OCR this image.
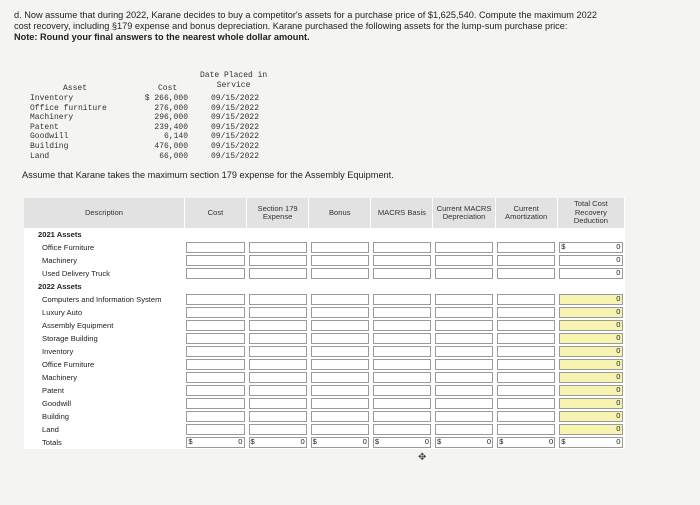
d. Now assume that during 2022, Karane decides to buy a competitor's assets for a purchase price of $1,625,540. Compute the maximum 2022 cost recovery, including §179 expense and bonus depreciation. Karane purchased the following assets for the lump-sum purchase price:
Note: Round your final answers to the nearest whole dollar amount.
Asset	Cost
Date Placed in
Service
Inventory	$ 266,000	09/15/2022
Office furniture	276,000	09/15/2022
Machinery	296,000	09/15/2022
Patent	239,400	09/15/2022
Goodwill	6,140	09/15/2022
Building	476,000	09/15/2022
Land	66,000	09/15/2022
Assume that Karane takes the maximum section 179 expense for the Assembly Equipment.
Description	Cost	Section 179 Expense	Bonus	MACRS Basis	Current MACRS Depreciation	Current Amortization	Total Cost Recovery Deduction
2021 Assets							
Office Furniture							$ 0

Machinery							0

Used Delivery Truck							0

2022 Assets							
Computers and Information System							0

Luxury Auto							0

Assembly Equipment							0

Storage Building							0

Inventory							0

Office Furniture							0

Machinery							0

Patent							0

Goodwill							0

Building							0

Land							0

Totals	$ 0	$ 0	$ 0	$ 0	$ 0	$ 0	$ 0
✥
